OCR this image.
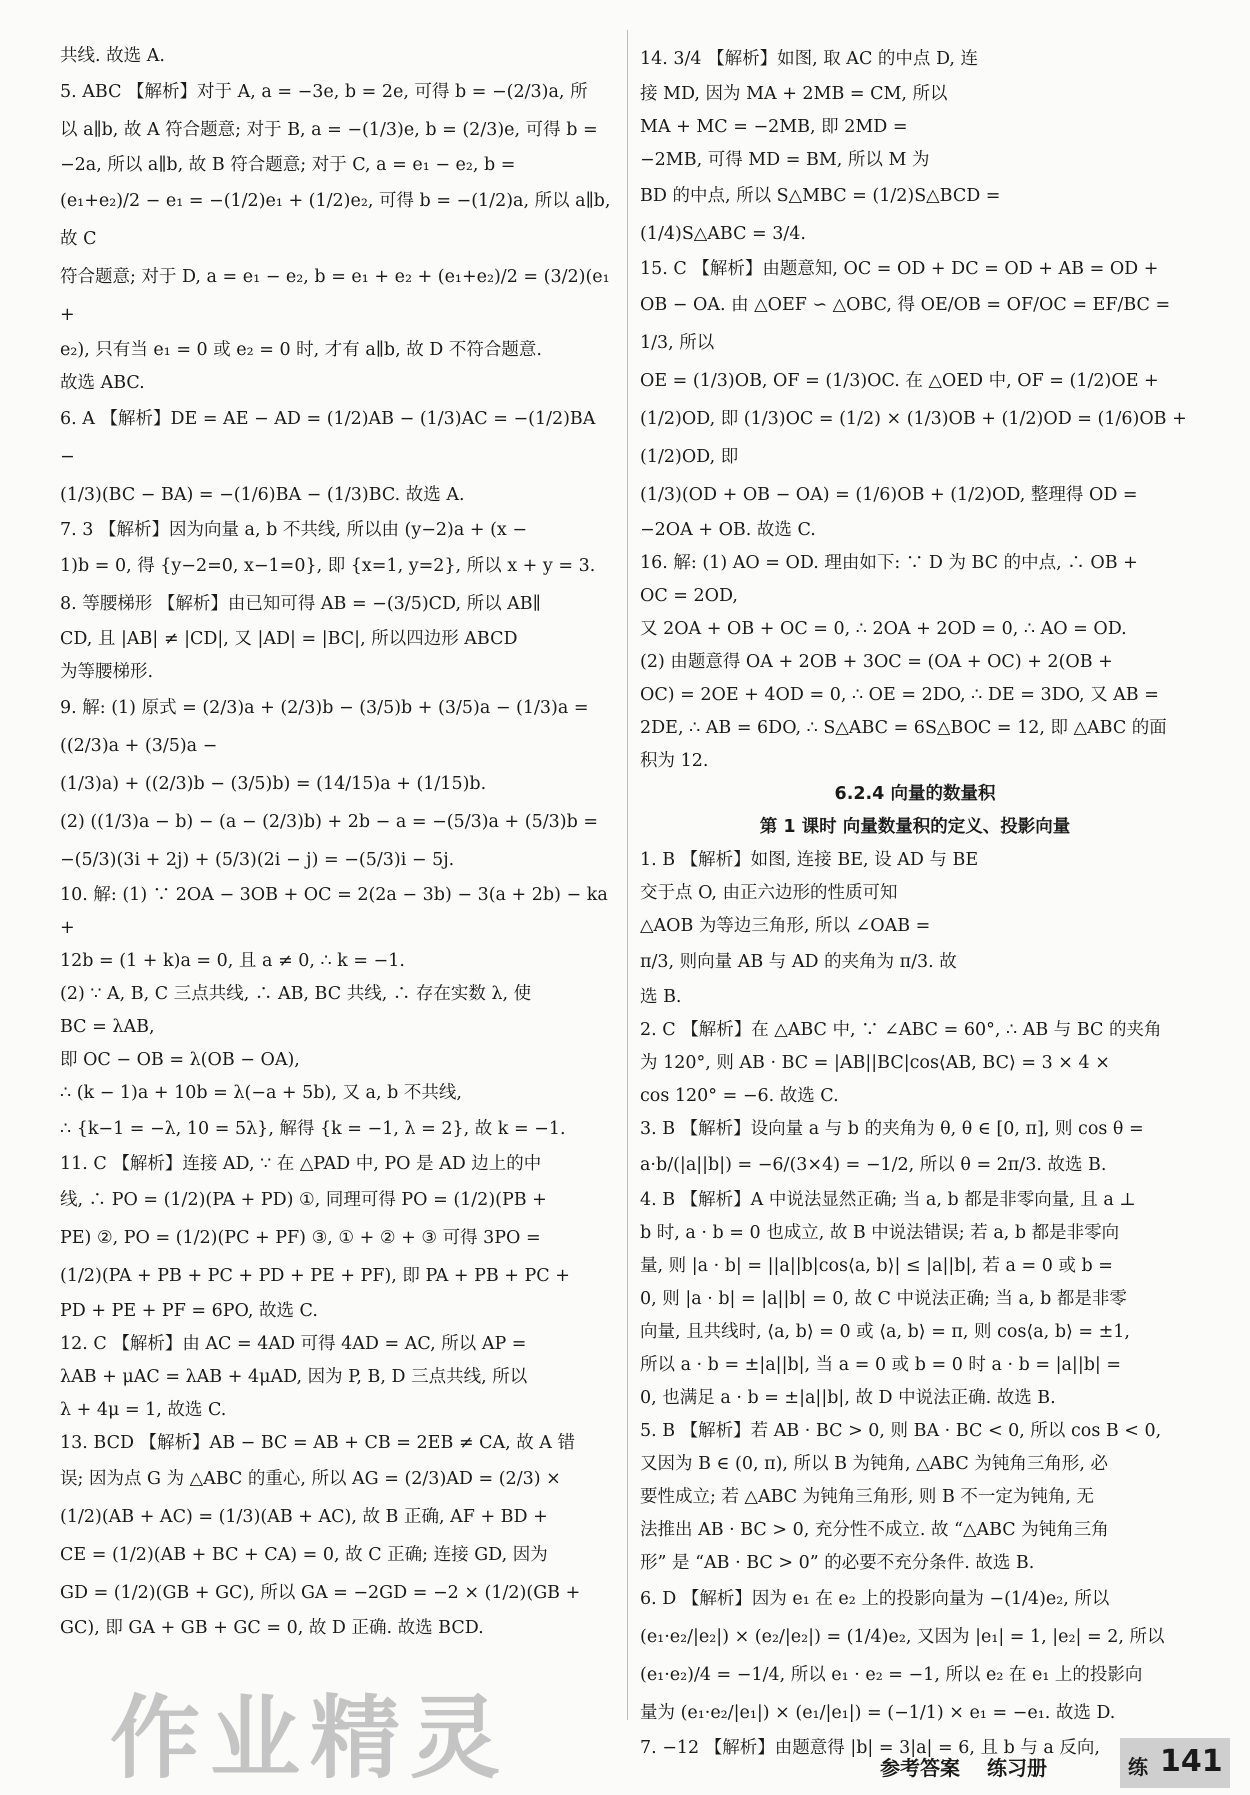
共线. 故选 A.
5. ABC 【解析】对于 A, a = −3e, b = 2e, 可得 b = −(2/3)a, 所
以 a∥b, 故 A 符合题意; 对于 B, a = −(1/3)e, b = (2/3)e, 可得 b =
−2a, 所以 a∥b, 故 B 符合题意; 对于 C, a = e₁ − e₂, b =
(e₁+e₂)/2 − e₁ = −(1/2)e₁ + (1/2)e₂, 可得 b = −(1/2)a, 所以 a∥b, 故 C
符合题意; 对于 D, a = e₁ − e₂, b = e₁ + e₂ + (e₁+e₂)/2 = (3/2)(e₁ +
e₂), 只有当 e₁ = 0 或 e₂ = 0 时, 才有 a∥b, 故 D 不符合题意.
故选 ABC.
6. A 【解析】DE = AE − AD = (1/2)AB − (1/3)AC = −(1/2)BA −
(1/3)(BC − BA) = −(1/6)BA − (1/3)BC. 故选 A.
7. 3 【解析】因为向量 a, b 不共线, 所以由 (y−2)a + (x −
1)b = 0, 得 {y−2=0, x−1=0}, 即 {x=1, y=2}, 所以 x + y = 3.
8. 等腰梯形 【解析】由已知可得 AB = −(3/5)CD, 所以 AB∥
CD, 且 |AB| ≠ |CD|, 又 |AD| = |BC|, 所以四边形 ABCD
为等腰梯形.
9. 解: (1) 原式 = (2/3)a + (2/3)b − (3/5)b + (3/5)a − (1/3)a = ((2/3)a + (3/5)a −
(1/3)a) + ((2/3)b − (3/5)b) = (14/15)a + (1/15)b.
(2) ((1/3)a − b) − (a − (2/3)b) + 2b − a = −(5/3)a + (5/3)b =
−(5/3)(3i + 2j) + (5/3)(2i − j) = −(5/3)i − 5j.
10. 解: (1) ∵ 2OA − 3OB + OC = 2(2a − 3b) − 3(a + 2b) − ka +
12b = (1 + k)a = 0, 且 a ≠ 0, ∴ k = −1.
(2) ∵ A, B, C 三点共线, ∴ AB, BC 共线, ∴ 存在实数 λ, 使
BC = λAB,
即 OC − OB = λ(OB − OA),
∴ (k − 1)a + 10b = λ(−a + 5b), 又 a, b 不共线,
∴ {k−1 = −λ, 10 = 5λ}, 解得 {k = −1, λ = 2}, 故 k = −1.
11. C 【解析】连接 AD, ∵ 在 △PAD 中, PO 是 AD 边上的中
线, ∴ PO = (1/2)(PA + PD) ①, 同理可得 PO = (1/2)(PB +
PE) ②, PO = (1/2)(PC + PF) ③, ① + ② + ③ 可得 3PO =
(1/2)(PA + PB + PC + PD + PE + PF), 即 PA + PB + PC +
PD + PE + PF = 6PO, 故选 C.
12. C 【解析】由 AC = 4AD 可得 4AD = AC, 所以 AP =
λAB + μAC = λAB + 4μAD, 因为 P, B, D 三点共线, 所以
λ + 4μ = 1, 故选 C.
13. BCD 【解析】AB − BC = AB + CB = 2EB ≠ CA, 故 A 错
误; 因为点 G 为 △ABC 的重心, 所以 AG = (2/3)AD = (2/3) ×
(1/2)(AB + AC) = (1/3)(AB + AC), 故 B 正确, AF + BD +
CE = (1/2)(AB + BC + CA) = 0, 故 C 正确; 连接 GD, 因为
GD = (1/2)(GB + GC), 所以 GA = −2GD = −2 × (1/2)(GB +
GC), 即 GA + GB + GC = 0, 故 D 正确. 故选 BCD.
14. 3/4 【解析】如图, 取 AC 的中点 D, 连
接 MD, 因为 MA + 2MB = CM, 所以
MA + MC = −2MB, 即 2MD =
−2MB, 可得 MD = BM, 所以 M 为
BD 的中点, 所以 S△MBC = (1/2)S△BCD = (1/4)S△ABC = 3/4.
15. C 【解析】由题意知, OC = OD + DC = OD + AB = OD +
OB − OA. 由 △OEF ∽ △OBC, 得 OE/OB = OF/OC = EF/BC = 1/3, 所以
OE = (1/3)OB, OF = (1/3)OC. 在 △OED 中, OF = (1/2)OE +
(1/2)OD, 即 (1/3)OC = (1/2) × (1/3)OB + (1/2)OD = (1/6)OB + (1/2)OD, 即
(1/3)(OD + OB − OA) = (1/6)OB + (1/2)OD, 整理得 OD =
−2OA + OB. 故选 C.
16. 解: (1) AO = OD. 理由如下: ∵ D 为 BC 的中点, ∴ OB +
OC = 2OD,
又 2OA + OB + OC = 0, ∴ 2OA + 2OD = 0, ∴ AO = OD.
(2) 由题意得 OA + 2OB + 3OC = (OA + OC) + 2(OB +
OC) = 2OE + 4OD = 0, ∴ OE = 2DO, ∴ DE = 3DO, 又 AB =
2DE, ∴ AB = 6DO, ∴ S△ABC = 6S△BOC = 12, 即 △ABC 的面
积为 12.
6.2.4 向量的数量积
第 1 课时 向量数量积的定义、投影向量
1. B 【解析】如图, 连接 BE, 设 AD 与 BE
交于点 O, 由正六边形的性质可知
△AOB 为等边三角形, 所以 ∠OAB =
π/3, 则向量 AB 与 AD 的夹角为 π/3. 故
选 B.
2. C 【解析】在 △ABC 中, ∵ ∠ABC = 60°, ∴ AB 与 BC 的夹角
为 120°, 则 AB · BC = |AB||BC|cos⟨AB, BC⟩ = 3 × 4 ×
cos 120° = −6. 故选 C.
3. B 【解析】设向量 a 与 b 的夹角为 θ, θ ∈ [0, π], 则 cos θ =
a·b/(|a||b|) = −6/(3×4) = −1/2, 所以 θ = 2π/3. 故选 B.
4. B 【解析】A 中说法显然正确; 当 a, b 都是非零向量, 且 a ⊥
b 时, a · b = 0 也成立, 故 B 中说法错误; 若 a, b 都是非零向
量, 则 |a · b| = ||a||b|cos⟨a, b⟩| ≤ |a||b|, 若 a = 0 或 b =
0, 则 |a · b| = |a||b| = 0, 故 C 中说法正确; 当 a, b 都是非零
向量, 且共线时, ⟨a, b⟩ = 0 或 ⟨a, b⟩ = π, 则 cos⟨a, b⟩ = ±1,
所以 a · b = ±|a||b|, 当 a = 0 或 b = 0 时 a · b = |a||b| =
0, 也满足 a · b = ±|a||b|, 故 D 中说法正确. 故选 B.
5. B 【解析】若 AB · BC > 0, 则 BA · BC < 0, 所以 cos B < 0,
又因为 B ∈ (0, π), 所以 B 为钝角, △ABC 为钝角三角形, 必
要性成立; 若 △ABC 为钝角三角形, 则 B 不一定为钝角, 无
法推出 AB · BC > 0, 充分性不成立. 故 “△ABC 为钝角三角
形” 是 “AB · BC > 0” 的必要不充分条件. 故选 B.
6. D 【解析】因为 e₁ 在 e₂ 上的投影向量为 −(1/4)e₂, 所以
(e₁·e₂/|e₂|) × (e₂/|e₂|) = (1/4)e₂, 又因为 |e₁| = 1, |e₂| = 2, 所以
(e₁·e₂)/4 = −1/4, 所以 e₁ · e₂ = −1, 所以 e₂ 在 e₁ 上的投影向
量为 (e₁·e₂/|e₁|) × (e₁/|e₁|) = (−1/1) × e₁ = −e₁. 故选 D.
7. −12 【解析】由题意得 |b| = 3|a| = 6, 且 b 与 a 反向,
作业精灵	参考答案 练习册	练 141
